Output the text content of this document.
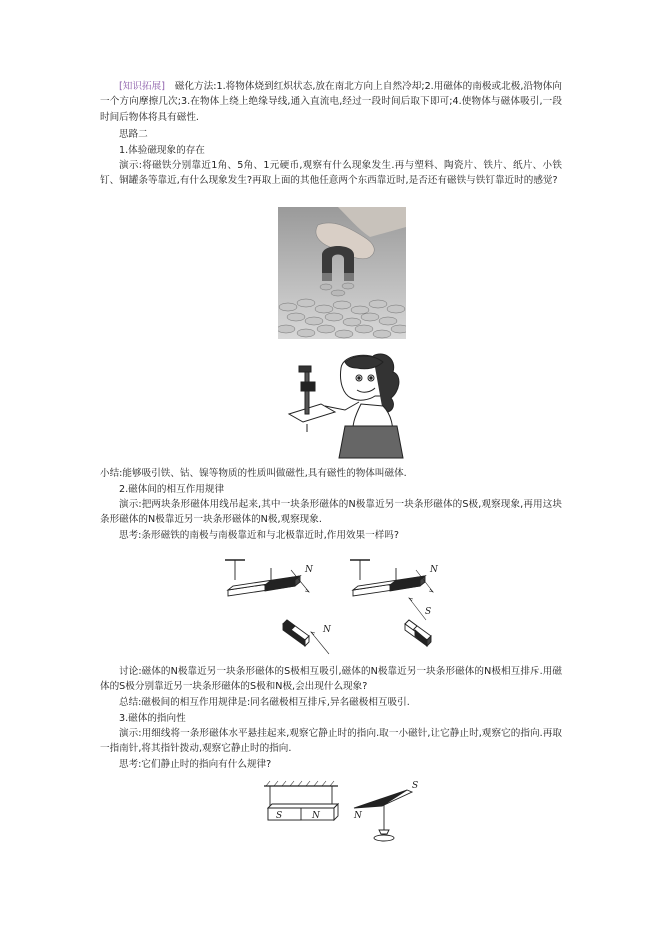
[知识拓展]　磁化方法:1.将物体烧到红炽状态,放在南北方向上自然冷却;2.用磁体的南极或北极,沿物体向一个方向摩擦几次;3.在物体上绕上绝缘导线,通入直流电,经过一段时间后取下即可;4.使物体与磁体吸引,一段时间后物体将具有磁性.

思路二

1.体验磁现象的存在

演示:将磁铁分别靠近1角、5角、1元硬币,观察有什么现象发生.再与塑料、陶瓷片、铁片、纸片、小铁钉、铜罐条等靠近,有什么现象发生?再取上面的其他任意两个东西靠近时,是否还有磁铁与铁钉靠近时的感觉?

小结:能够吸引铁、钴、镍等物质的性质叫做磁性,具有磁性的物体叫磁体.

2.磁体间的相互作用规律

演示:把两块条形磁体用线吊起来,其中一块条形磁体的N极靠近另一块条形磁体的S极,观察现象,再用这块条形磁体的N极靠近另一块条形磁体的N极,观察现象.

思考:条形磁铁的南极与南极靠近和与北极靠近时,作用效果一样吗?

N
N
N
S

讨论:磁体的N极靠近另一块条形磁体的S极相互吸引,磁体的N极靠近另一块条形磁体的N极相互排斥.用磁体的S极分别靠近另一块条形磁体的S极和N极,会出现什么现象?

总结:磁极间的相互作用规律是:同名磁极相互排斥,异名磁极相互吸引.

3.磁体的指向性

演示:用细线将一条形磁体水平悬挂起来,观察它静止时的指向.取一小磁针,让它静止时,观察它的指向.再取一指南针,将其指针拨动,观察它静止时的指向.

思考:它们静止时的指向有什么规律?

S	N	N
S
